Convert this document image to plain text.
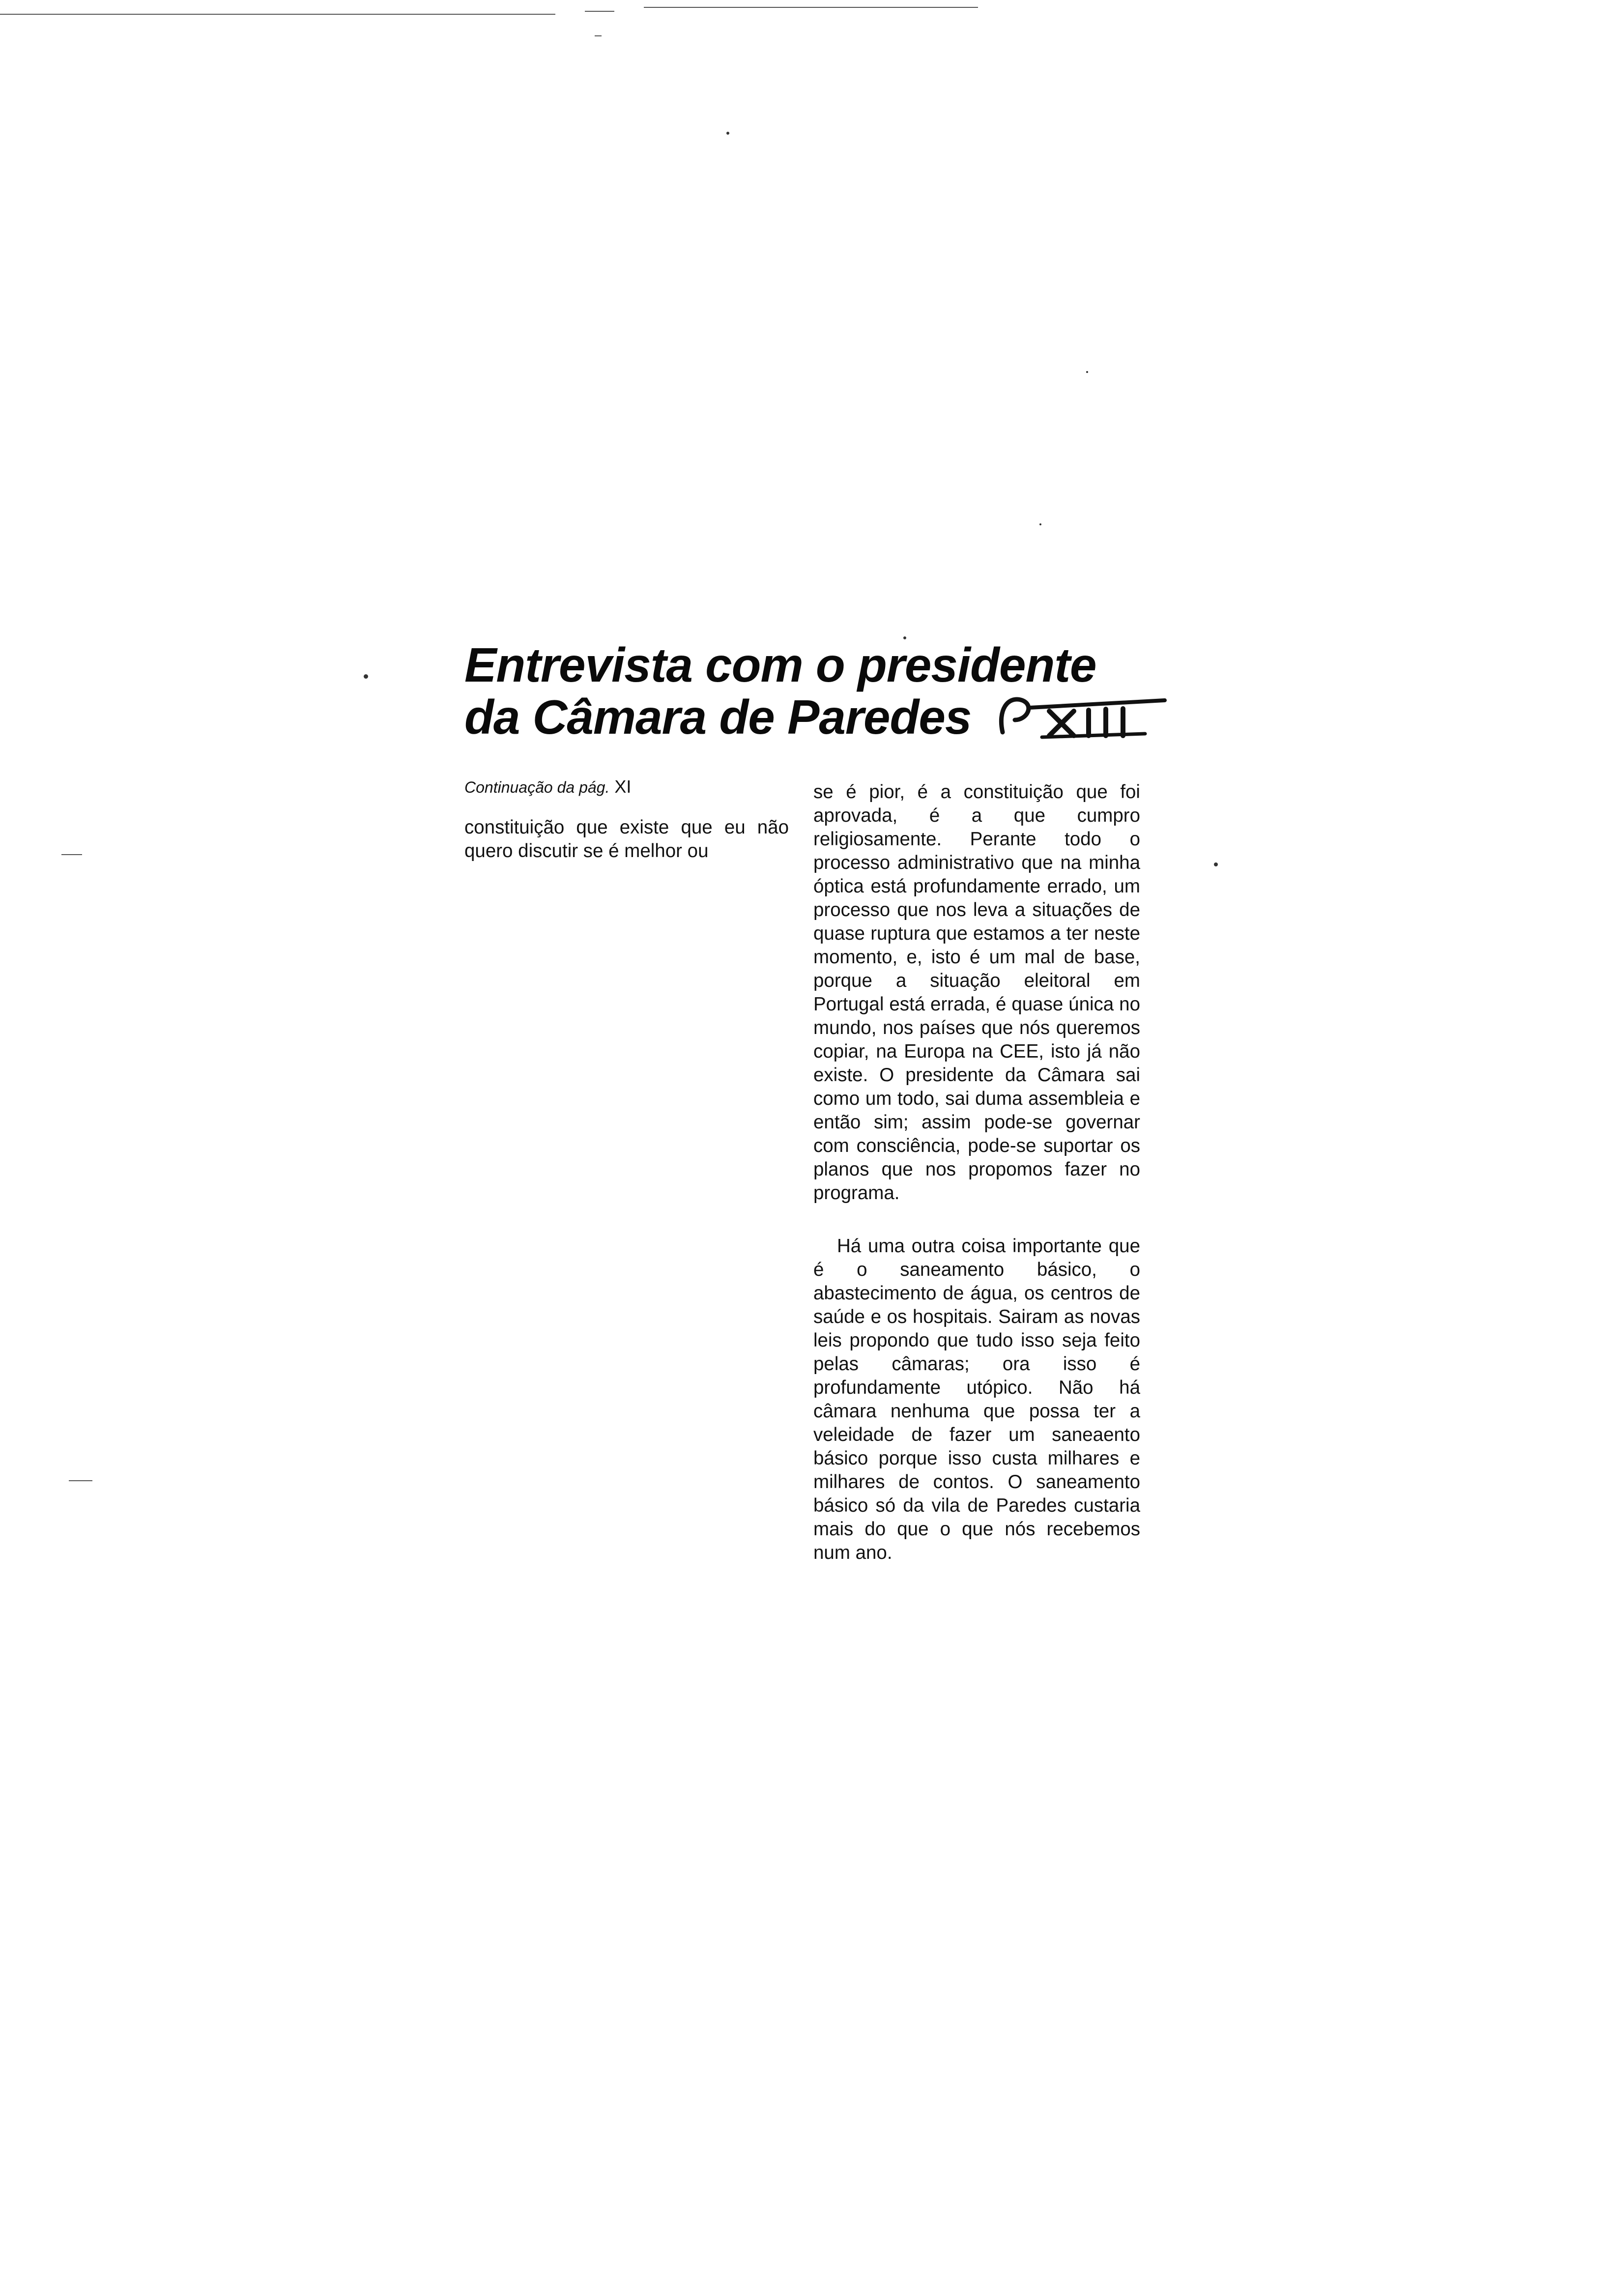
Entrevista com o presidente
da Câmara de Paredes
Continuação da pág. XI

constituição que existe que eu não quero discutir se é melhor ou

se é pior, é a constituição que foi aprovada, é a que cumpro religiosamente. Perante todo o processo administrativo que na minha óptica está profundamente errado, um processo que nos leva a situações de quase ruptura que estamos a ter neste momento, e, isto é um mal de base, porque a situação eleitoral em Portugal está errada, é quase única no mundo, nos países que nós queremos copiar, na Europa na CEE, isto já não existe. O presidente da Câmara sai como um todo, sai duma assembleia e então sim; assim pode-se governar com consciência, pode-se suportar os planos que nos propomos fazer no programa.

Há uma outra coisa importante que é o saneamento básico, o abastecimento de água, os centros de saúde e os hospitais. Sairam as novas leis propondo que tudo isso seja feito pelas câmaras; ora isso é profundamente utópico. Não há câmara nenhuma que possa ter a veleidade de fazer um saneaento básico porque isso custa milhares e milhares de contos. O saneamento básico só da vila de Paredes custaria mais do que o que nós recebemos num ano.
